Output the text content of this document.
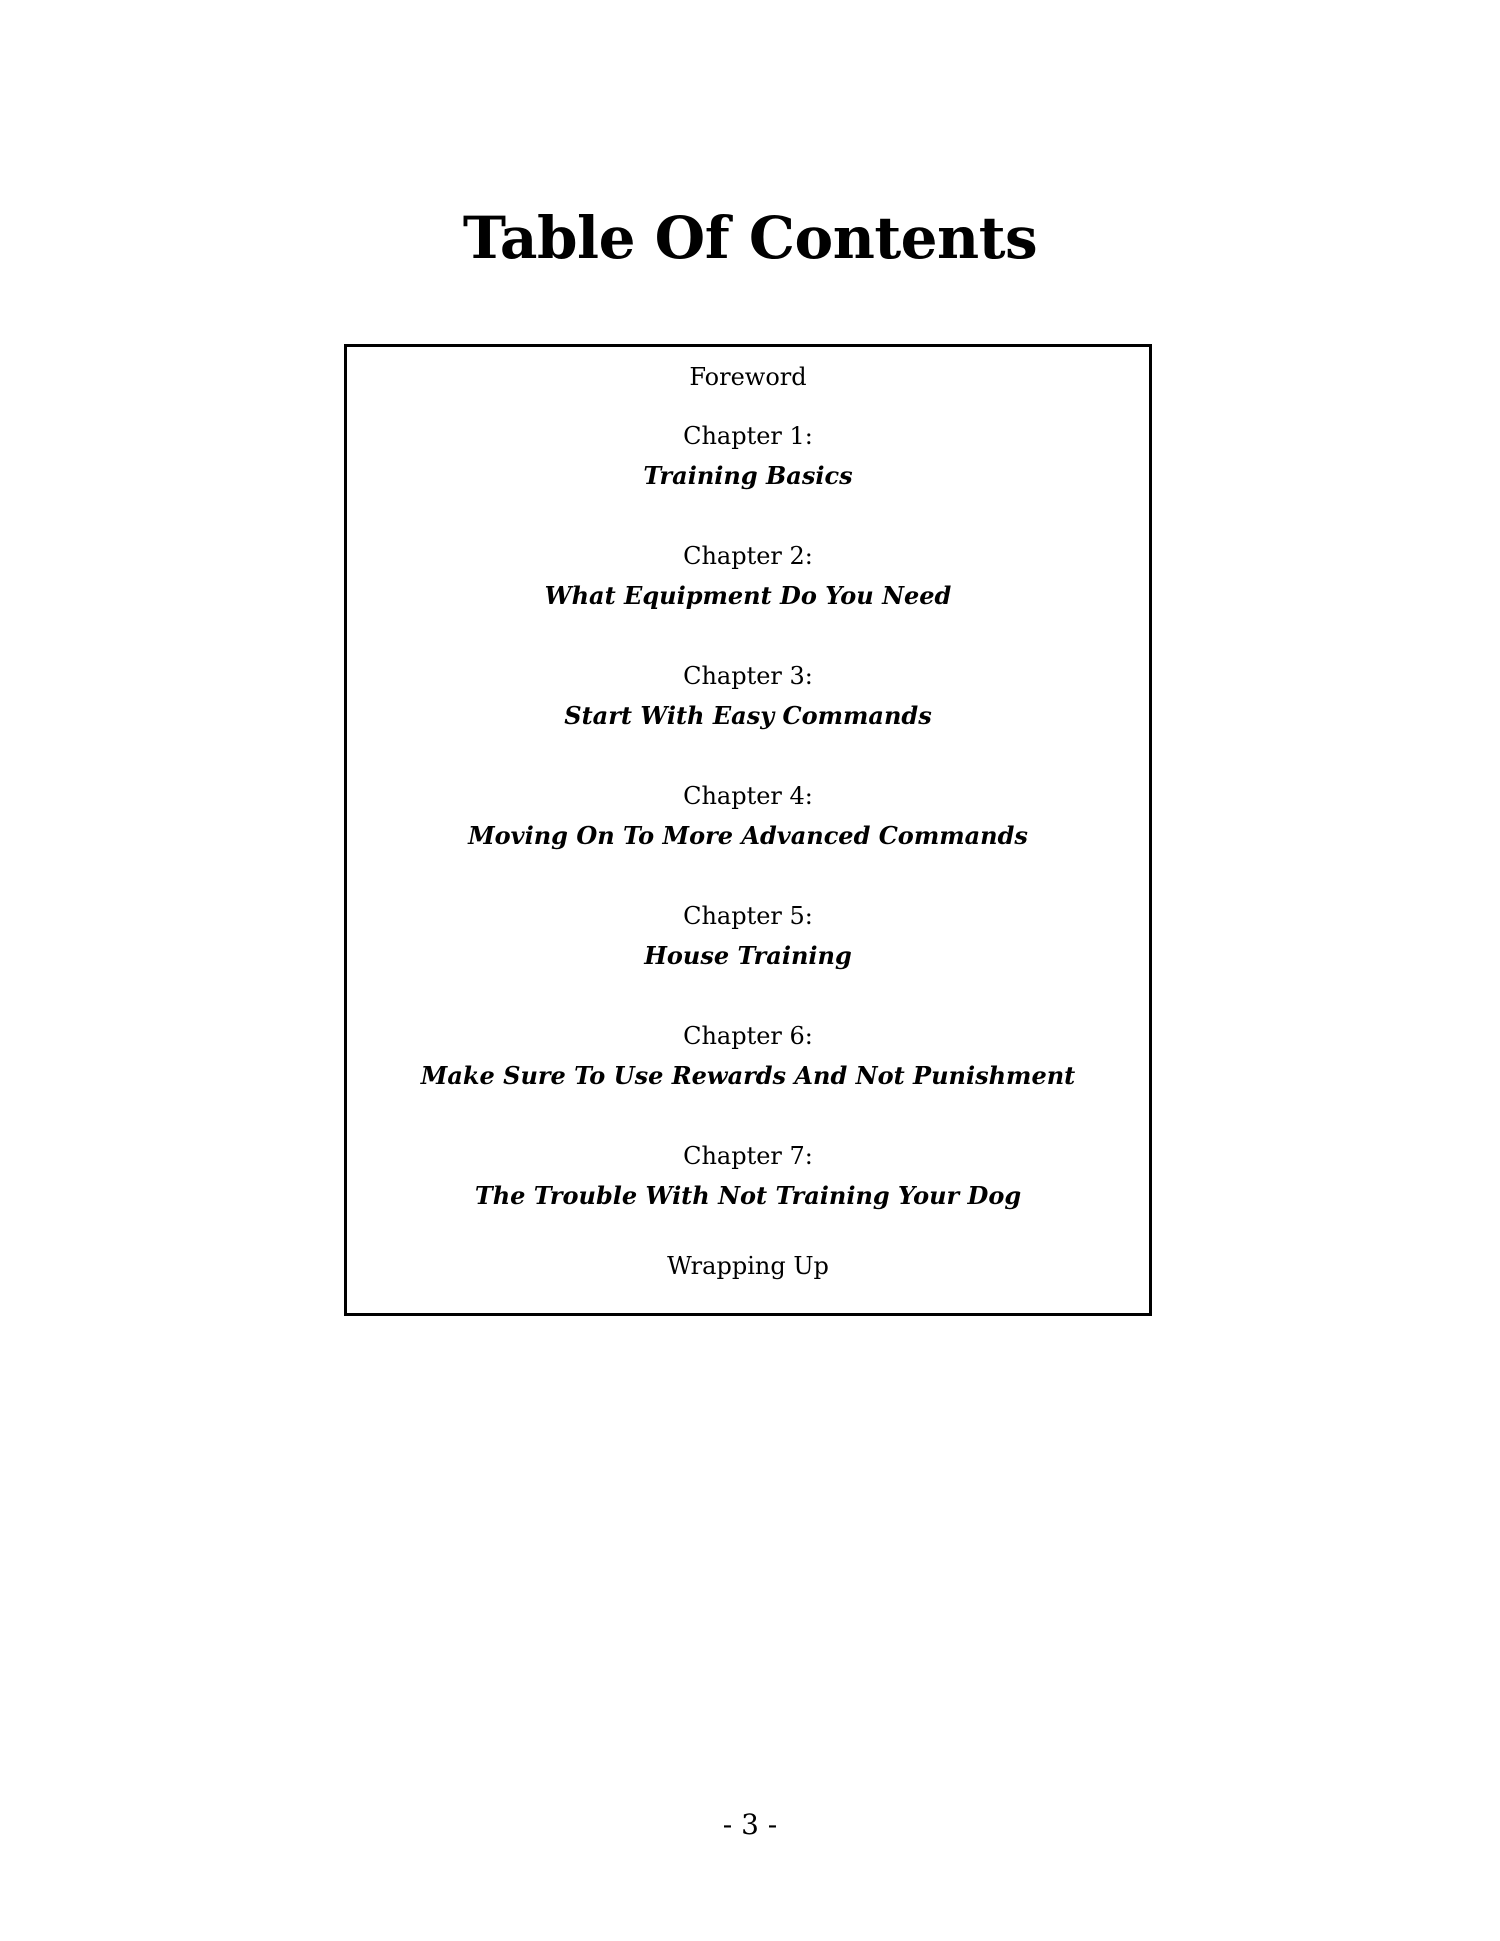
Table Of Contents
Foreword
Chapter 1:
Training Basics
Chapter 2:
What Equipment Do You Need
Chapter 3:
Start With Easy Commands
Chapter 4:
Moving On To More Advanced Commands
Chapter 5:
House Training
Chapter 6:
Make Sure To Use Rewards And Not Punishment
Chapter 7:
The Trouble With Not Training Your Dog
Wrapping Up
- 3 -
